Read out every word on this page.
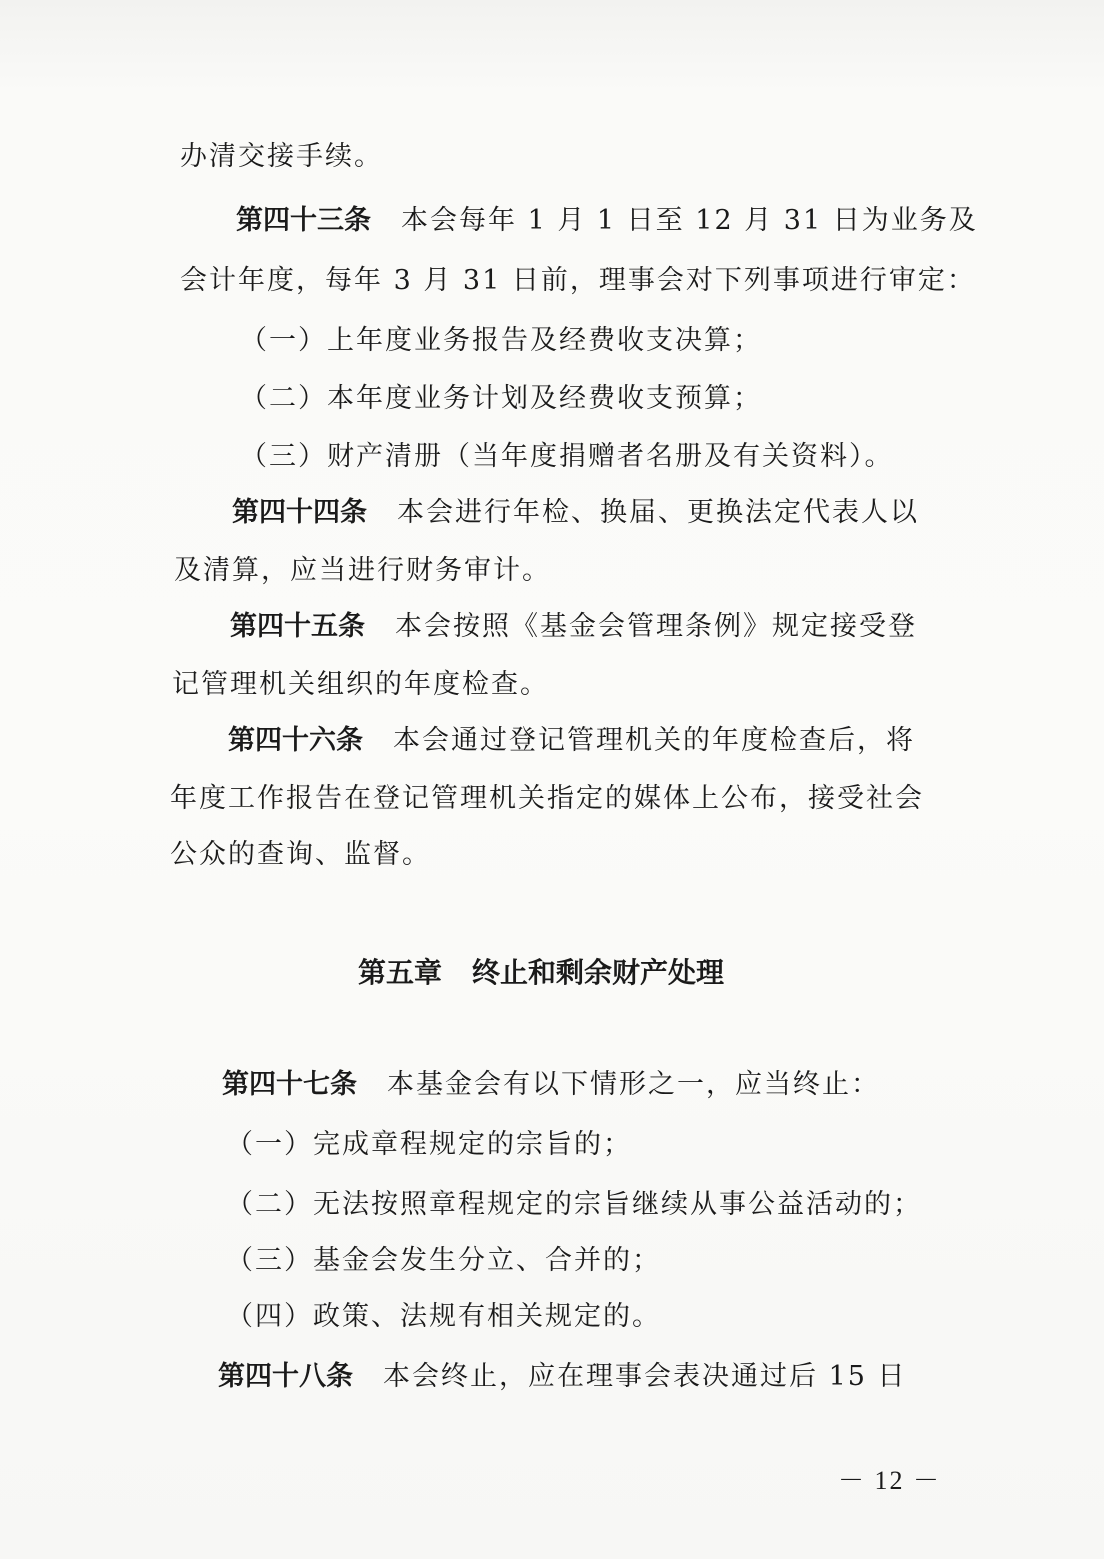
办清交接手续。
第四十三条 本会每年 1 月 1 日至 12 月 31 日为业务及
会计年度，每年 3 月 31 日前，理事会对下列事项进行审定：
（一）上年度业务报告及经费收支决算；
（二）本年度业务计划及经费收支预算；
（三）财产清册（当年度捐赠者名册及有关资料）。
第四十四条 本会进行年检、换届、更换法定代表人以
及清算，应当进行财务审计。
第四十五条 本会按照《基金会管理条例》规定接受登
记管理机关组织的年度检查。
第四十六条 本会通过登记管理机关的年度检查后，将
年度工作报告在登记管理机关指定的媒体上公布，接受社会
公众的查询、监督。
第五章 终止和剩余财产处理
第四十七条 本基金会有以下情形之一，应当终止：
（一）完成章程规定的宗旨的；
（二）无法按照章程规定的宗旨继续从事公益活动的；
（三）基金会发生分立、合并的；
（四）政策、法规有相关规定的。
第四十八条 本会终止，应在理事会表决通过后 15 日
－ 12 －
